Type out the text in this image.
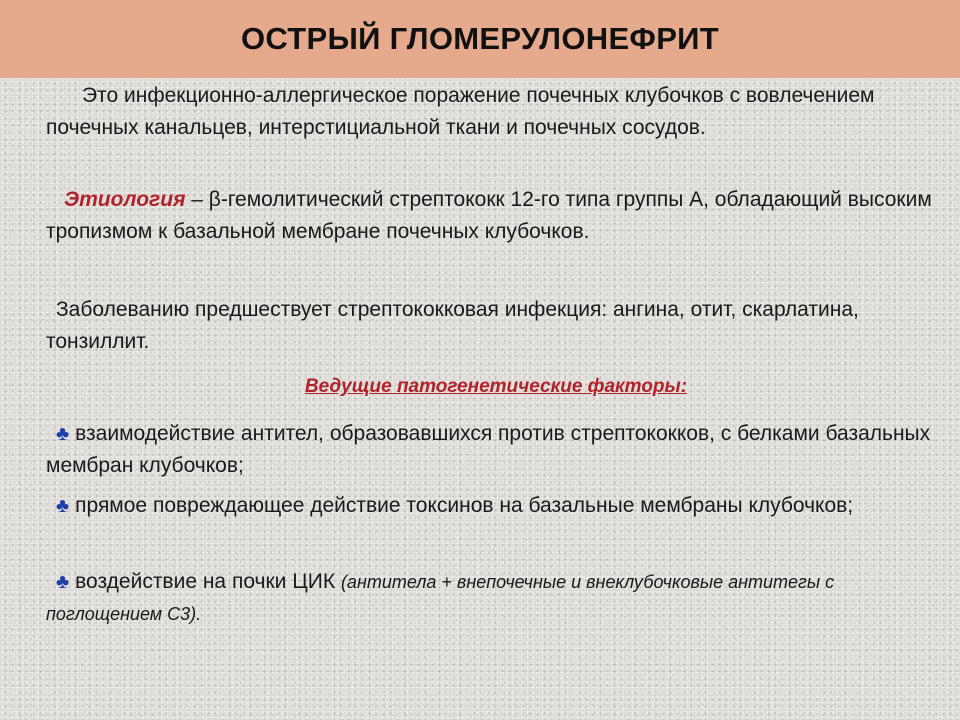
ОСТРЫЙ ГЛОМЕРУЛОНЕФРИТ

Это инфекционно-аллергическое поражение почечных клубочков с вовлечением почечных канальцев, интерстициальной ткани и почечных сосудов.

Этиология – β-гемолитический стрептококк 12-го типа группы А, обладающий высоким тропизмом к базальной мембране почечных клубочков.

Заболеванию предшествует стрептококковая инфекция: ангина, отит, скарлатина, тонзиллит.

Ведущие патогенетические факторы:

♣ взаимодействие антител, образовавшихся против стрептококков, с белками базальных мембран клубочков;

♣ прямое повреждающее действие токсинов на базальные мембраны клубочков;

♣ воздействие на почки ЦИК (антитела + внепочечные и внеклубочковые антитегы с поглощением С3).
